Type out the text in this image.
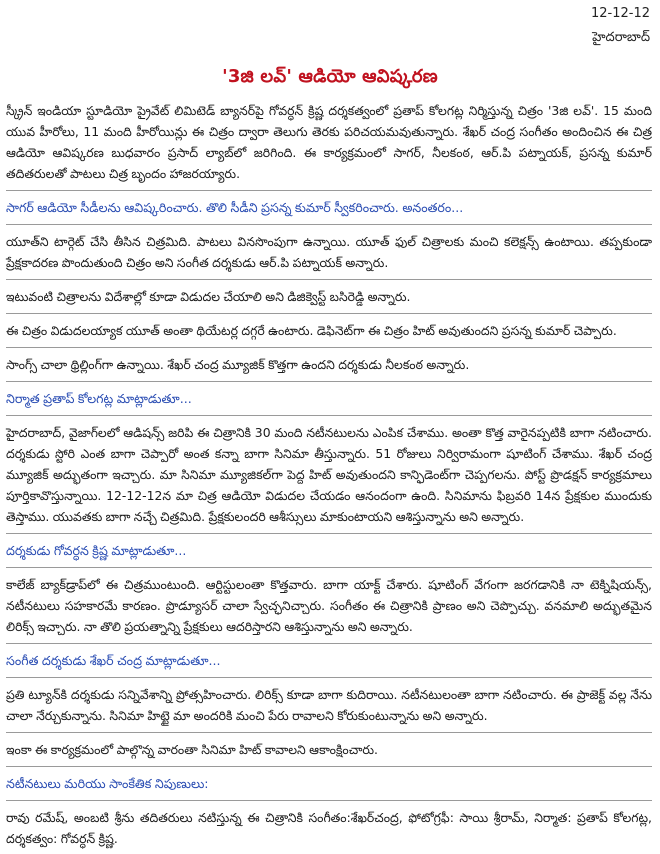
12-12-12
హైదరాబాద్
'3జి లవ్' ఆడియో ఆవిష్కరణ

స్క్రీన్ ఇండియా స్టూడియో ప్రైవేట్ లిమిటెడ్ బ్యానర్‌పై గోవర్ధన్ క్రిష్ణ దర్శకత్వంలో ప్రతాప్ కోలగట్ల నిర్మిస్తున్న చిత్రం '3జి లవ్'. 15 మంది యువ హీరోలు, 11 మంది హీరోయిన్లు ఈ చిత్రం ద్వారా తెలుగు తెరకు పరిచయమవుతున్నారు. శేఖర్ చంద్ర సంగీతం అందించిన ఈ చిత్ర ఆడియో ఆవిష్కరణ బుధవారం ప్రసాద్ ల్యాబ్‌లో జరిగింది. ఈ కార్యక్రమంలో సాగర్, నీలకంఠ, ఆర్.పి పట్నాయక్, ప్రసన్న కుమార్ తదితరులతో పాటలు చిత్ర బృందం హాజరయ్యారు.

సాగర్ ఆడియో సీడీలను ఆవిష్కరించారు. తొలి సీడీని ప్రసన్న కుమార్ స్వీకరించారు. అనంతరం...

యూత్‌ని టార్గెట్ చేసి తీసిన చిత్రమిది. పాటలు వినసొంపుగా ఉన్నాయి. యూత్ ఫుల్ చిత్రాలకు మంచి కలెక్షన్స్ ఉంటాయి. తప్పకుండా ప్రేక్షకాదరణ పొందుతుంది చిత్రం అని సంగీత దర్శకుడు ఆర్.పి పట్నాయక్ అన్నారు.

ఇటువంటి చిత్రాలను విదేశాల్లో కూడా విడుదల చేయాలి అని డిజిక్వెస్ట్ బసిరెడ్డి అన్నారు.

ఈ చిత్రం విడుదలయ్యాక యూత్ అంతా థియేటర్ల దగ్గరే ఉంటారు. డెఫినెట్‌గా ఈ చిత్రం హిట్ అవుతుందని ప్రసన్న కుమార్ చెప్పారు.

సాంగ్స్ చాలా థ్రిల్లింగ్‌గా ఉన్నాయి. శేఖర్ చంద్ర మ్యూజిక్ కొత్తగా ఉందని దర్శకుడు నీలకంఠ అన్నారు.

నిర్మాత ప్రతాప్ కోలగట్ల మాట్లాడుతూ...

హైదరాబాద్, వైజాగ్‌లలో ఆడిషన్స్ జరిపి ఈ చిత్రానికి 30 మంది నటీనటులను ఎంపిక చేశాము. అంతా కొత్త వారైనప్పటికి బాగా నటించారు. దర్శకుడు స్టోరి ఎంత బాగా చెప్పారో అంత కన్నా బాగా సినిమా తీస్తున్నారు. 51 రోజులు నిర్విరామంగా షూటింగ్ చేశాము. శేఖర్ చంద్ర మ్యూజిక్ అద్భుతంగా ఇచ్చారు. మా సినిమా మ్యూజికల్‌గా పెద్ద హిట్ అవుతుందని కాన్ఫిడెంట్‌గా చెప్పగలను. పోస్ట్ ప్రొడక్షన్ కార్యక్రమాలు పూర్తికావొస్తున్నాయి. 12-12-12న మా చిత్ర ఆడియో విడుదల చేయడం ఆనందంగా ఉంది. సినిమాను ఫిబ్రవరి 14న ప్రేక్షకుల ముందుకు తెస్తాము. యువతకు బాగా నచ్చే చిత్రమిది. ప్రేక్షకులందరి ఆశీస్సులు మాకుంటాయని ఆశిస్తున్నాను అని అన్నారు.

దర్శకుడు గోవర్ధన క్రిష్ణ మాట్లాడుతూ...

కాలేజ్ బ్యాక్‌డ్రాప్‌లో ఈ చిత్రముంటుంది. ఆర్టిస్టులంతా కొత్తవారు. బాగా యాక్ట్ చేశారు. షూటింగ్ వేగంగా జరగడానికి నా టెక్నిషియన్స్, నటీనటులు సహకారమే కారణం. ప్రొడ్యూసర్ చాలా స్వేచ్ఛనిచ్చారు. సంగీతం ఈ చిత్రానికి ప్రాణం అని చెప్పొచ్చు. వనమాలి అద్భుతమైన లిరిక్స్ ఇచ్చారు. నా తొలి ప్రయత్నాన్ని ప్రేక్షకులు ఆదరిస్తారని ఆశిస్తున్నాను అని అన్నారు.

సంగీత దర్శకుడు శేఖర్ చంద్ర మాట్లాడుతూ...

ప్రతి ట్యూన్‌కి దర్శకుడు సన్నివేశాన్ని ప్రోత్సహించారు. లిరిక్స్ కూడా బాగా కుదిరాయి. నటీనటులంతా బాగా నటించారు. ఈ ప్రాజెక్ట్ వల్ల నేను చాలా నేర్చుకున్నాను. సినిమా హిట్టై మా అందరికి మంచి పేరు రావాలని కోరుకుంటున్నాను అని అన్నారు.

ఇంకా ఈ కార్యక్రమంలో పాల్గొన్న వారంతా సినిమా హిట్ కావాలని ఆకాంక్షించారు.

నటీనటులు మరియు సాంకేతిక నిపుణులు:

రావు రమేష్, అంబటి శ్రీను తదితరులు నటిస్తున్న ఈ చిత్రానికి సంగీతం:శేఖర్‌చంద్ర, ఫోటోగ్రఫీ: సాయి శ్రీరామ్, నిర్మాత: ప్రతాప్ కోలగట్ల, దర్శకత్వం: గోవర్ధన్ క్రిష్ణ.
